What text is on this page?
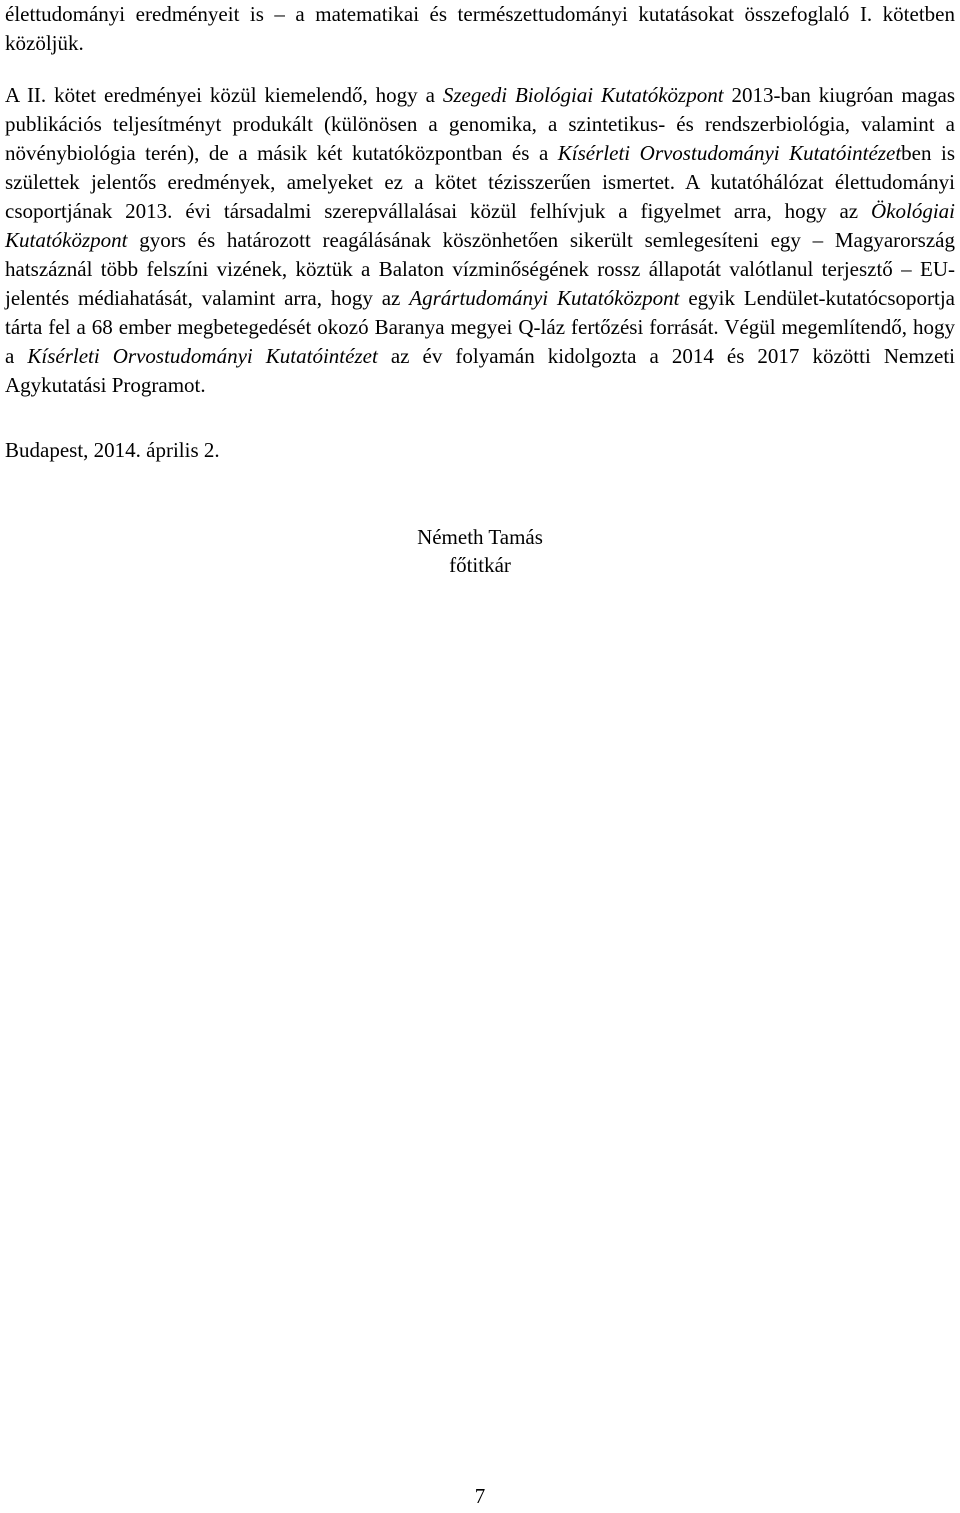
élettudományi eredményeit is – a matematikai és természettudományi kutatásokat összefoglaló I. kötetben közöljük.

A II. kötet eredményei közül kiemelendő, hogy a Szegedi Biológiai Kutatóközpont 2013-ban kiugróan magas publikációs teljesítményt produkált (különösen a genomika, a szintetikus- és rendszerbiológia, valamint a növénybiológia terén), de a másik két kutatóközpontban és a Kísérleti Orvostudományi Kutatóintézetben is születtek jelentős eredmények, amelyeket ez a kötet tézisszerűen ismertet. A kutatóhálózat élettudományi csoportjának 2013. évi társadalmi szerepvállalásai közül felhívjuk a figyelmet arra, hogy az Ökológiai Kutatóközpont gyors és határozott reagálásának köszönhetően sikerült semlegesíteni egy – Magyarország hatszáznál több felszíni vizének, köztük a Balaton vízminőségének rossz állapotát valótlanul terjesztő – EU-jelentés médiahatását, valamint arra, hogy az Agrártudományi Kutatóközpont egyik Lendület-kutatócsoportja tárta fel a 68 ember megbetegedését okozó Baranya megyei Q-láz fertőzési forrását. Végül megemlítendő, hogy a Kísérleti Orvostudományi Kutatóintézet az év folyamán kidolgozta a 2014 és 2017 közötti Nemzeti Agykutatási Programot.

Budapest, 2014. április 2.

Németh Tamás
főtitkár
7
